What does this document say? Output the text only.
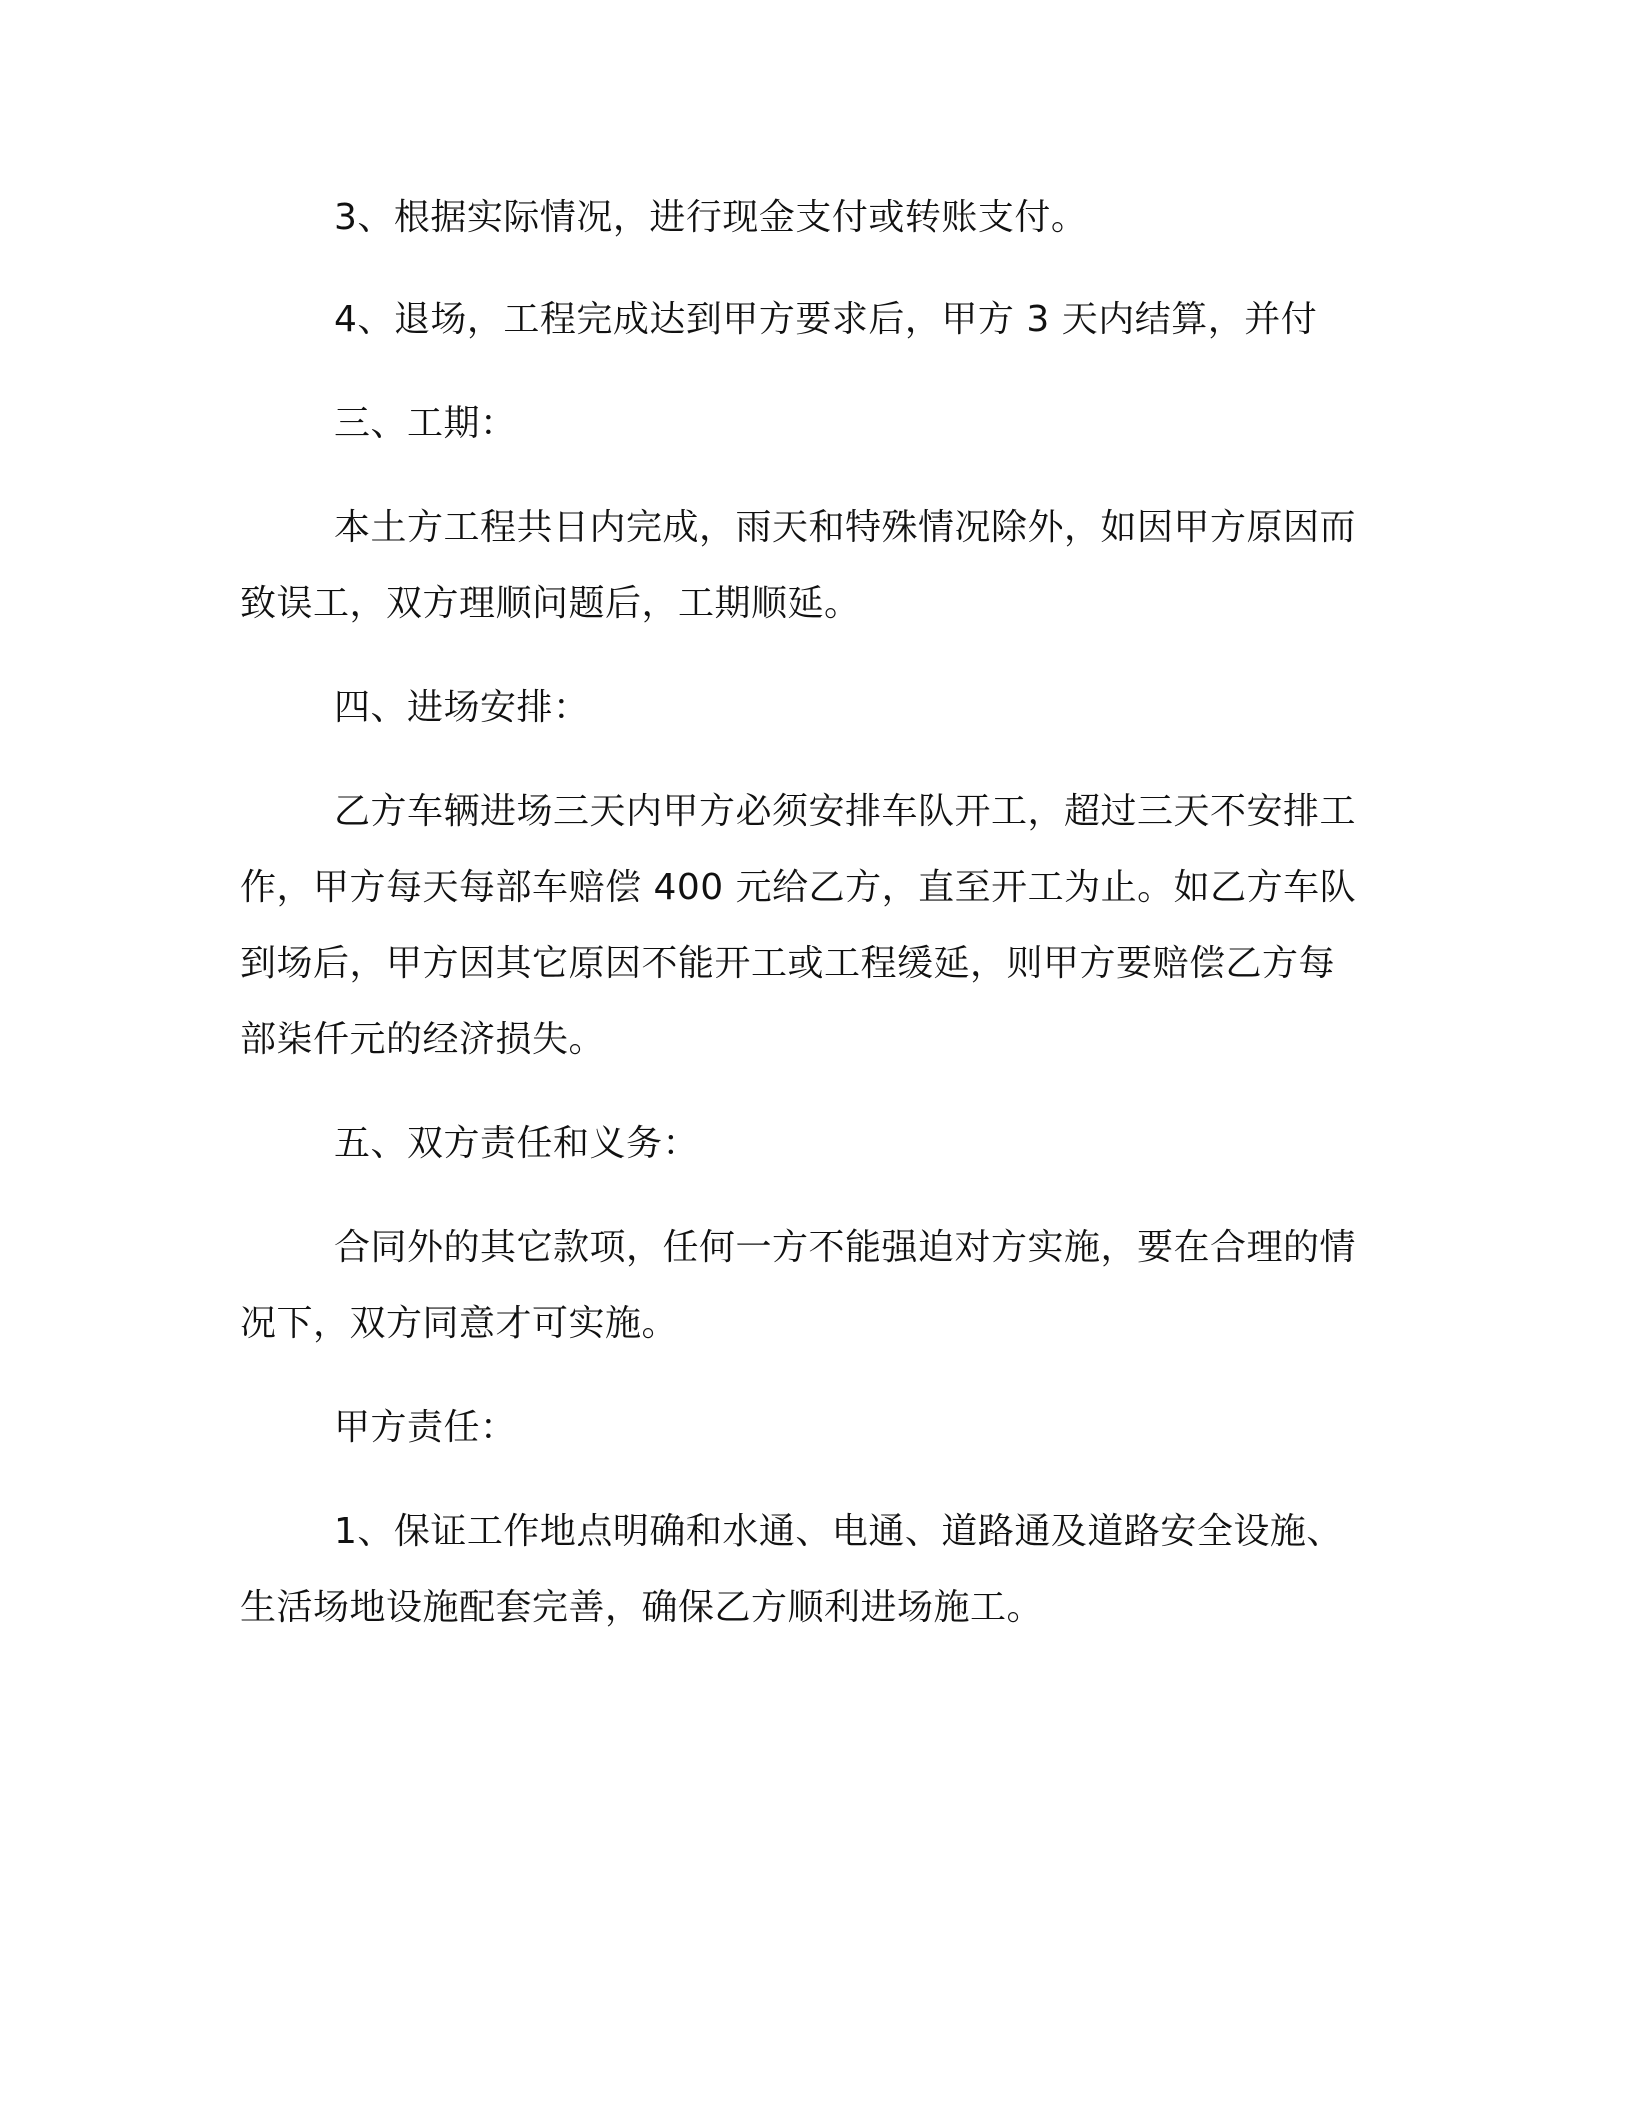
3、根据实际情况，进行现金支付或转账支付。
4、退场，工程完成达到甲方要求后，甲方 3 天内结算，并付
三、工期：
本土方工程共日内完成，雨天和特殊情况除外，如因甲方原因而
致误工，双方理顺问题后，工期顺延。
四、进场安排：
乙方车辆进场三天内甲方必须安排车队开工，超过三天不安排工
作，甲方每天每部车赔偿 400 元给乙方，直至开工为止。如乙方车队
到场后，甲方因其它原因不能开工或工程缓延，则甲方要赔偿乙方每
部柒仟元的经济损失。
五、双方责任和义务：
合同外的其它款项，任何一方不能强迫对方实施，要在合理的情
况下，双方同意才可实施。
甲方责任：
1、保证工作地点明确和水通、电通、道路通及道路安全设施、
生活场地设施配套完善，确保乙方顺利进场施工。
